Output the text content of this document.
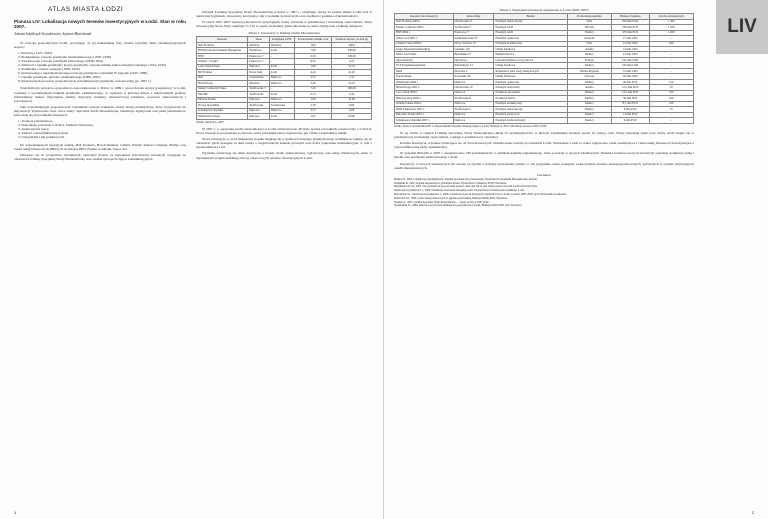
ATLAS MIASTA ŁODZI
Plansza LIV: Lokalizacja nowych terenów inwestycyjnych w Łodzi. Stan w roku 2007.
Jolanta Jakóbczyk-Gryszkiewicz, Szymon Marcińczak

W rozwoju gospodarczym Łodzi, poczynając od jej industrialnej fazy, można wyróżnić kilka charakterystycznych etapów:

1. Rolniczy (1421–1820)
2. Pionierskiego rozwoju przemysłu manufakturowego (1820–1848)
3. Żywiołowego rozwoju przemysłu fabrycznego (1848–1914)
4. Zmierzch i upadku przemysłu; kryzys przemysłu, wzrostu udziału sektora międzywojennego (1914–1939)
5. Stalinizmu i czasów okupacji (1939–1945)
6. Intensywnego i uprzemysłowionego rozwoju przemysłu z udziałem W regionie (1945–1989)
7. Upadku przemysłu, głównie włókienniczego (1989–1997)
8. Intensywnych procesów gospodarczych, restrukturyzacji przemysłu, wzrostu usług (po 1997 r.)

Transformacja ustrojowo-gospodarcza zapoczątkowana w Polsce w 1989 r. spowodowała kryzys gospodarczy w Łodzi, związany z wcześniejszym brakiem przemysłu włókienniczego, co wpłynęło w głównej mierze z zakończeniem podstaw infrastruktury miasta. Największe zmiany dotyczyły struktury własnościowej zakładów, procesów dekoncentracji i prywatyzacji.

Jako najważniejszym gospodarczym czynnikiem rozwoju wskazano dawne tereny przemysłowe, które wytypowano do aktywizacji. Wyznaczono m.in. nowe strefy: Specjalną Strefę Ekonomiczną, lokalizacje logistyczne oraz parki przemysłowe, które stały się przyczółkami inwestycji.

1. Tradycja przemysłowa,
2. Dogodnego położenia w Polsce, bliskości Warszawy,
3. Atrakcyjności pracy,
4. Tanich i wykwalifikowanych kadr,
5. Udogodnień i ulg podatkowych.

Do najważniejszych inwestycji należą: Dell Products, Bosch-Siemens, Gillette Poland, Indesit Company, Philips oraz centra usług biznesowych (BPO), m.in. Infosys BPO, Fujitsu i Citibank, Sopot–Tel.

Odnosząc się do programów rewitalizacji, zauważyć można, że największa koncentracja inwestycji występuje na obszarach Łódzkiej Specjalnej Strefy Ekonomicznej oraz wzdłuż głównych ciągów komunikacyjnych.

Ośrodek Łódzkiej Specjalnej Strefy Ekonomicznej powstał w 1997 r., obejmując tereny na terenie miasta Łodzi oraz w okolicznych gminach. Inwestorzy korzystają z ulg w podatku dochodowym oraz zwolnień z podatku od nieruchomości.

W latach 1997–2007 najwięcej inwestorów przyciągnęły tereny położone w południowej i wschodniej części miasta. Teren inwestycyjny Nowe Sady obejmuje 17,3 ha w części zachodniej, gdzie lokowane są centra logistyczne i zakłady usługowe.

Tabela 1. Inwestorzy w łódzkiej Strefie Ekonomicznej
Inwestor	Teren	Kompleks LSSE	Powierzchnia działki w ha	Wielkość inwest. (w mln zł)
Dell Products	Olechów	Olechów	16,0	400,0
BSH Bosch und Siemens Hausgeräte	Wydmowa	Łódź	7,00	340,00
BSH	Papierowa 7	–	6,50	230,00
Gillette – Poland	Papierowa 7	–	8,50	4,72
Coko-Werk Polska	Dąbrowa	Łódź	1,80	31,13
BWI Polska	Nowe Sady	Łódź	4,44	41,20
Dell	Czerniańska	Dąbrowa	3,73	1,55
Hirsch Kopp	Olechów	Dąbrowa	2,26	22,27
Indesit Company Polska	Teofilowska 5	–	7,20	160,00
Mar-Mit	Teofilowska	Łódź	0,74	2,42
Merloni Polska	Dąbrowa	Dąbrowa	1,09	11,00
Procter & Gamble	Teofilowska	Teofilowska	2,78	9,00
Schumpeter Organika	Dąbrowa	Dąbrowa	2,73	0,00
Wiśniewski Polska	Dąbrowa	Łódź	1,05	60,00
Źródło: Skarżyk A. 2007

W 2007 r. w specjalnej strefie ekonomicznej w Łodzi zainwestowało 38 firm; łącznie ich nakłady przekroczyły 1,5 mld zł. Nowe inwestycje prowadzone są zarówno przez przedsiębiorstwa zagraniczne, jak i firmy z kapitałem polskim.

Nowe inwestycje w coraz mniejszym stopniu skupiają się w granicach dawnego przemysłowego śródmieścia, lokując się na obrzeżach, gdzie dostępne są duże tereny o uregulowanym statusie prawnym oraz dobre połączenia komunikacyjne, w tym z autostradami A1 i A2.

Wyraźnie zaznaczają się także inwestycje z branży AGD, elektronicznej, logistycznej oraz usług biznesowych, które w największym stopniu kształtują obecny obraz nowych terenów inwestycyjnych Łodzi.

1
LIV
Tabela 2. Największe inwestycje zagraniczne w Łodzi (2000–2007)
Inwestor/rok inwestycji	Adres firmy	Branża	Pochodzenie kapitału	Wielkość kapitału	Liczba zatrudnionych
Dell Products 2006 r.	Olechowska 51	Przemysł elektroniczny	USA	200 mln EUR	1 300
Indesit Company 2006 r.	Teofilowska 5	Przemysł AGD	Włochy	500 mln PLN	1 500
BSH 2004 r.	Papierowa 7	Przemysł AGD	Niemcy	470 mln PLN	1 600
Amcor Ltd 2001 r.	Aleksandrowska 55	Przemysł opakowań	Australia	17 mln USD	–
Gillette Poland 2000 r.	Nowy Józefów 70	Przemysł kosmetyczny	USA	13 mln USD	200
Grupa International Retailing	Gdańska 122	Usługi handlowe	Austria	14 mln USD	–
Metro AG Polska	Brzezińska 27	Handel hurtowy	Niemcy	14 mln USD	–
Ayres Retextil	Ogrodowa	Centrum handlowo-rozrywkowe	Francja	101 mln USD	–
ECE Projektmanagement	Piłsudskiego 15	Usługi handlowe	Niemcy	100 mln USD	–
Shell	Dowolna 3	Rozbudowa sieci stacji benzynowych	Wielka Brytania	72 mln USD	–
Nordea Bank	Kopernika 36	Usługi finansowe	Szwecja	30 mln USD	–
Wiśniewski 2006 r.	Dąbrowa	Przemysł opakowań	Niemcy	40 mln PLN	150
Hirsch Kopp 2005 r.	Olechowska 10	Przemysł budowlany	Austria	12,5 mln PLN	70
Coco-Werk 2005 r.	Dąbrowa	Produkcja drewniana	Niemcy	13,5 mln PLN	100
Hellweg Shop 2005 r.	Teofilowska 8	Produkcja mebli	Niemcy	30 mln PLN	100
Gillette Polska 2004 r.	Dąbrowa	Przemysł kosmetyczny	Niemcy	8,7 mln PLN	250
Philit Elektronics 2007 r.	Teofilowska 5	Przemysł elektroniczny	Niemcy	8 mln PLN	70
Mirosław Polska 2007 r.	Dąbrowa	Przemysł spożywczy	Niemcy	14 mln PLN	–
Schumpeter Organika 2007 r.	Dąbrowa	Przemysł farmaceutyczny	Niemcy	9 mln PLN	–
Źródło: Dane z systemu REGON w Wojewódzkim Urzędzie Statystycznym w Łodzi; Skarżyk A. 2007; informacje prasowe 2007; ŁSSE

W tej chwili w ramach Łódzkiej Specjalnej Strefy Ekonomicznej działa 22 przedsiębiorstwa, w których zatrudnienie znalazło ponad 10 tysięcy osób. Firmy inwestują także poza strefą; AGD skupia się w przemysłowej wschodniej części miasta, a usługi w południowej i centralnej.

Kolejne inwestycje, wyraźnie różnicujące się od dotychczasowych, zlokalizowane zostały na obrzeżach Łodzi. Największe z nich to centra logistyczne, parki przemysłowe i centra usług biznesowych korzystające z wykwalifikowanej kadry akademickiej.

W systemie REGON w 2007 r. zarejestrowano 169 przedsiębiorstw z udziałem kapitału zagranicznego, które powstały w nowych lokalizacjach. Struktura branżowa nowych inwestycji wykazuje dominację usług i handlu oraz przemysłu elektronicznego i AGD.

Inwestycje w nowych lokalizacjach nie zawsze są zgodne z polityką przestrzenną miasta; w ich przypadku często następuje wykorzystanie terenów niezagospodarowanych, położonych w obrębie peryferyjnych osiedli mieszkaniowych.

Literatura
Badura W., 2003, Lokalizacja przedsiębiorstw. Aspekty ekonomiczno-przestrzenne, Wydawnictwo Akademii Ekonomicznej, Poznań.
Domański B., 2001, Kapitał zagraniczny w przemyśle Polski, Wydawnictwo Naukowe PWN, Warszawa.
Dziemianowicz W., 2002, The evolution of post-socialist projects: Rise and fall of real estate projects in Łódź, Łódź University Press.
Jakóbczyk-Gryszkiewicz J., 2006, Przemiany przestrzeni miejskiej Łodzi, Wydawnictwo Uniwersytetu Łódzkiego, Łódź.
Marcińczak Sz., Jakóbczyk-Gryszkiewicz J., 2006, Lokalizacja nowych inwestycji przemysłowych w Łodzi w latach 1990–2005, Acta Universitatis Lodziensis.
Pędziwiatr M., 1999, Centra usług biznesowych w aglomeracji łódzkiej, Biuletyn KPZK PAN, Warszawa.
Skarżyk A., 2007, Łódzka Specjalna Strefa Ekonomiczna — raport roczny, ŁSSE, Łódź.
Szczepański W., 2006, Rozwój nowych form działalności gospodarczej w Łodzi, Biuletyn KPZK PAN 224, Warszawa.
2
